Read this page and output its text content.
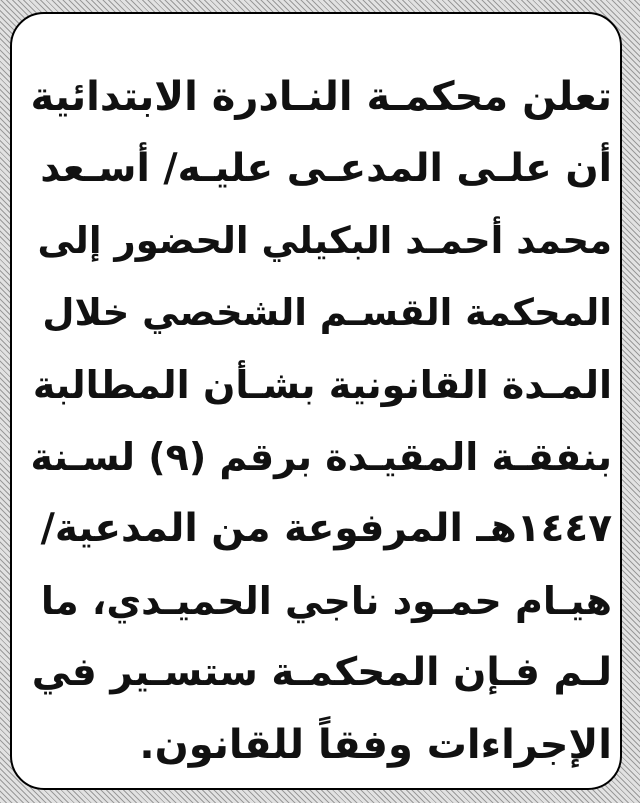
تعلن محكمـة النـادرة الابتدائية
أن علـى المدعـى عليـه/ أسـعد
محمد أحمـد البكيلي الحضور إلى
المحكمة القسـم الشخصي خلال
المـدة القانونية بشـأن المطالبة
بنفقـة المقيـدة برقم (٩) لسـنة
١٤٤٧هـ المرفوعة من المدعية/
هيـام حمـود ناجي الحميـدي، ما
لـم فـإن المحكمـة ستسـير في
الإجراءات وفقاً للقانون.
